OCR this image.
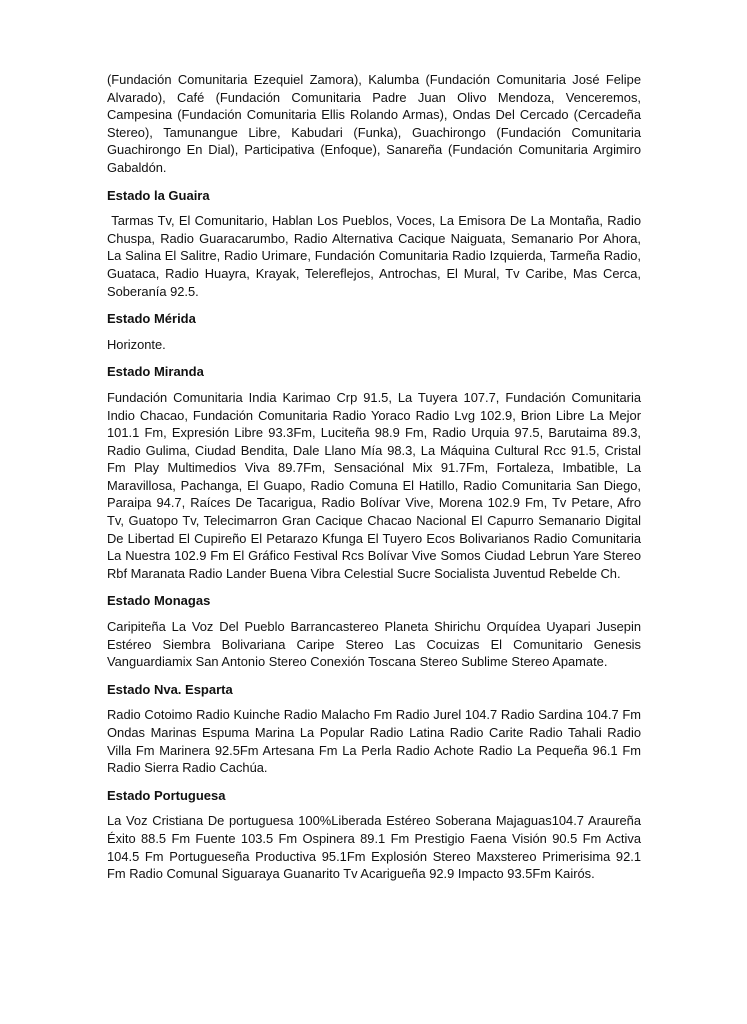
(Fundación Comunitaria Ezequiel Zamora), Kalumba (Fundación Comunitaria José Felipe Alvarado), Café (Fundación Comunitaria Padre Juan Olivo Mendoza, Venceremos, Campesina (Fundación Comunitaria Ellis Rolando Armas), Ondas Del Cercado (Cercadeña Stereo), Tamunangue Libre, Kabudari (Funka), Guachirongo (Fundación Comunitaria Guachirongo En Dial), Participativa (Enfoque), Sanareña (Fundación Comunitaria Argimiro Gabaldón.

Estado la Guaira

Tarmas Tv, El Comunitario, Hablan Los Pueblos, Voces, La Emisora De La Montaña, Radio Chuspa, Radio Guaracarumbo, Radio Alternativa Cacique Naiguata, Semanario Por Ahora, La Salina El Salitre, Radio Urimare, Fundación Comunitaria Radio Izquierda, Tarmeña Radio, Guataca, Radio Huayra, Krayak, Telereflejos, Antrochas, El Mural, Tv Caribe, Mas Cerca, Soberanía 92.5.

Estado Mérida

Horizonte.

Estado Miranda

Fundación Comunitaria India Karimao Crp 91.5, La Tuyera 107.7, Fundación Comunitaria Indio Chacao, Fundación Comunitaria Radio Yoraco Radio Lvg 102.9, Brion Libre La Mejor 101.1 Fm, Expresión Libre 93.3Fm, Luciteña 98.9 Fm, Radio Urquia 97.5, Barutaima 89.3, Radio Gulima, Ciudad Bendita, Dale Llano Mía 98.3, La Máquina Cultural Rcc 91.5, Cristal Fm Play Multimedios Viva 89.7Fm, Sensaciónal Mix 91.7Fm, Fortaleza, Imbatible, La Maravillosa, Pachanga, El Guapo, Radio Comuna El Hatillo, Radio Comunitaria San Diego, Paraipa 94.7, Raíces De Tacarigua, Radio Bolívar Vive, Morena 102.9 Fm, Tv Petare, Afro Tv, Guatopo Tv, Telecimarron Gran Cacique Chacao Nacional El Capurro Semanario Digital De Libertad El Cupireño El Petarazo Kfunga El Tuyero Ecos Bolivarianos Radio Comunitaria La Nuestra 102.9 Fm El Gráfico Festival Rcs Bolívar Vive Somos Ciudad Lebrun Yare Stereo Rbf Maranata Radio Lander Buena Vibra Celestial Sucre Socialista Juventud Rebelde Ch.

Estado Monagas

Caripiteña La Voz Del Pueblo Barrancastereo Planeta Shirichu Orquídea Uyapari Jusepin Estéreo Siembra Bolivariana Caripe Stereo Las Cocuizas El Comunitario Genesis Vanguardiamix San Antonio Stereo Conexión Toscana Stereo Sublime Stereo Apamate.

Estado Nva. Esparta

Radio Cotoimo Radio Kuinche Radio Malacho Fm Radio Jurel 104.7 Radio Sardina 104.7 Fm Ondas Marinas Espuma Marina La Popular Radio Latina Radio Carite Radio Tahali Radio Villa Fm Marinera 92.5Fm Artesana Fm La Perla Radio Achote Radio La Pequeña 96.1 Fm Radio Sierra Radio Cachúa.

Estado Portuguesa

La Voz Cristiana De portuguesa 100%Liberada Estéreo Soberana Majaguas104.7 Araureña Éxito 88.5 Fm Fuente 103.5 Fm Ospinera 89.1 Fm Prestigio Faena Visión 90.5 Fm Activa 104.5 Fm Portugueseña Productiva 95.1Fm Explosión Stereo Maxstereo Primerisima 92.1 Fm Radio Comunal Siguaraya Guanarito Tv Acarigueña 92.9 Impacto 93.5Fm Kairós.
